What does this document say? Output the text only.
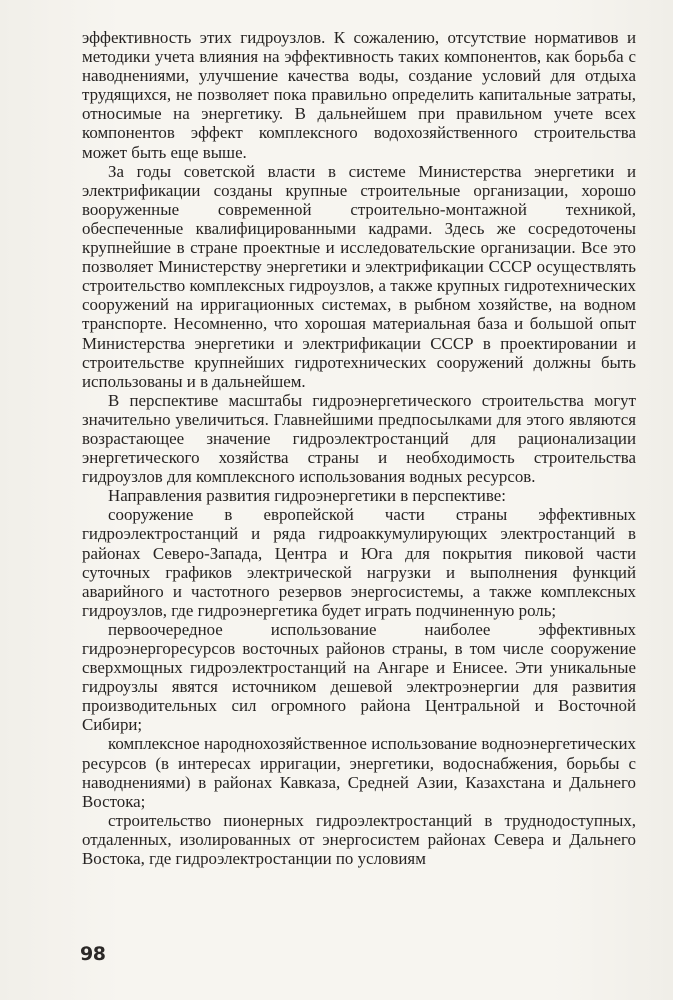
эффективность этих гидроузлов. К сожалению, отсутствие нормативов и методики учета влияния на эффективность таких компонентов, как борьба с наводнениями, улучшение качества воды, создание условий для отдыха трудящихся, не позволяет пока правильно определить капитальные затраты, относимые на энергетику. В дальнейшем при правильном учете всех компонентов эффект комплексного водохозяйственного строительства может быть еще выше.

За годы советской власти в системе Министерства энергетики и электрификации созданы крупные строительные организации, хорошо вооруженные современной строительно-монтажной техникой, обеспеченные квалифицированными кадрами. Здесь же сосредоточены крупнейшие в стране проектные и исследовательские организации. Все это позволяет Министерству энергетики и электрификации СССР осуществлять строительство комплексных гидроузлов, а также крупных гидротехнических сооружений на ирригационных системах, в рыбном хозяйстве, на водном транспорте. Несомненно, что хорошая материальная база и большой опыт Министерства энергетики и электрификации СССР в проектировании и строительстве крупнейших гидротехнических сооружений должны быть использованы и в дальнейшем.

В перспективе масштабы гидроэнергетического строительства могут значительно увеличиться. Главнейшими предпосылками для этого являются возрастающее значение гидроэлектростанций для рационализации энергетического хозяйства страны и необходимость строительства гидроузлов для комплексного использования водных ресурсов.

Направления развития гидроэнергетики в перспективе:

сооружение в европейской части страны эффективных гидроэлектростанций и ряда гидроаккумулирующих электростанций в районах Северо-Запада, Центра и Юга для покрытия пиковой части суточных графиков электрической нагрузки и выполнения функций аварийного и частотного резервов энергосистемы, а также комплексных гидроузлов, где гидроэнергетика будет играть подчиненную роль;

первоочередное использование наиболее эффективных гидроэнергоресурсов восточных районов страны, в том числе сооружение сверхмощных гидроэлектростанций на Ангаре и Енисее. Эти уникальные гидроузлы явятся источником дешевой электроэнергии для развития производительных сил огромного района Центральной и Восточной Сибири;

комплексное народнохозяйственное использование водноэнергетических ресурсов (в интересах ирригации, энергетики, водоснабжения, борьбы с наводнениями) в районах Кавказа, Средней Азии, Казахстана и Дальнего Востока;

строительство пионерных гидроэлектростанций в труднодоступных, отдаленных, изолированных от энергосистем районах Севера и Дальнего Востока, где гидроэлектростанции по условиям

98
